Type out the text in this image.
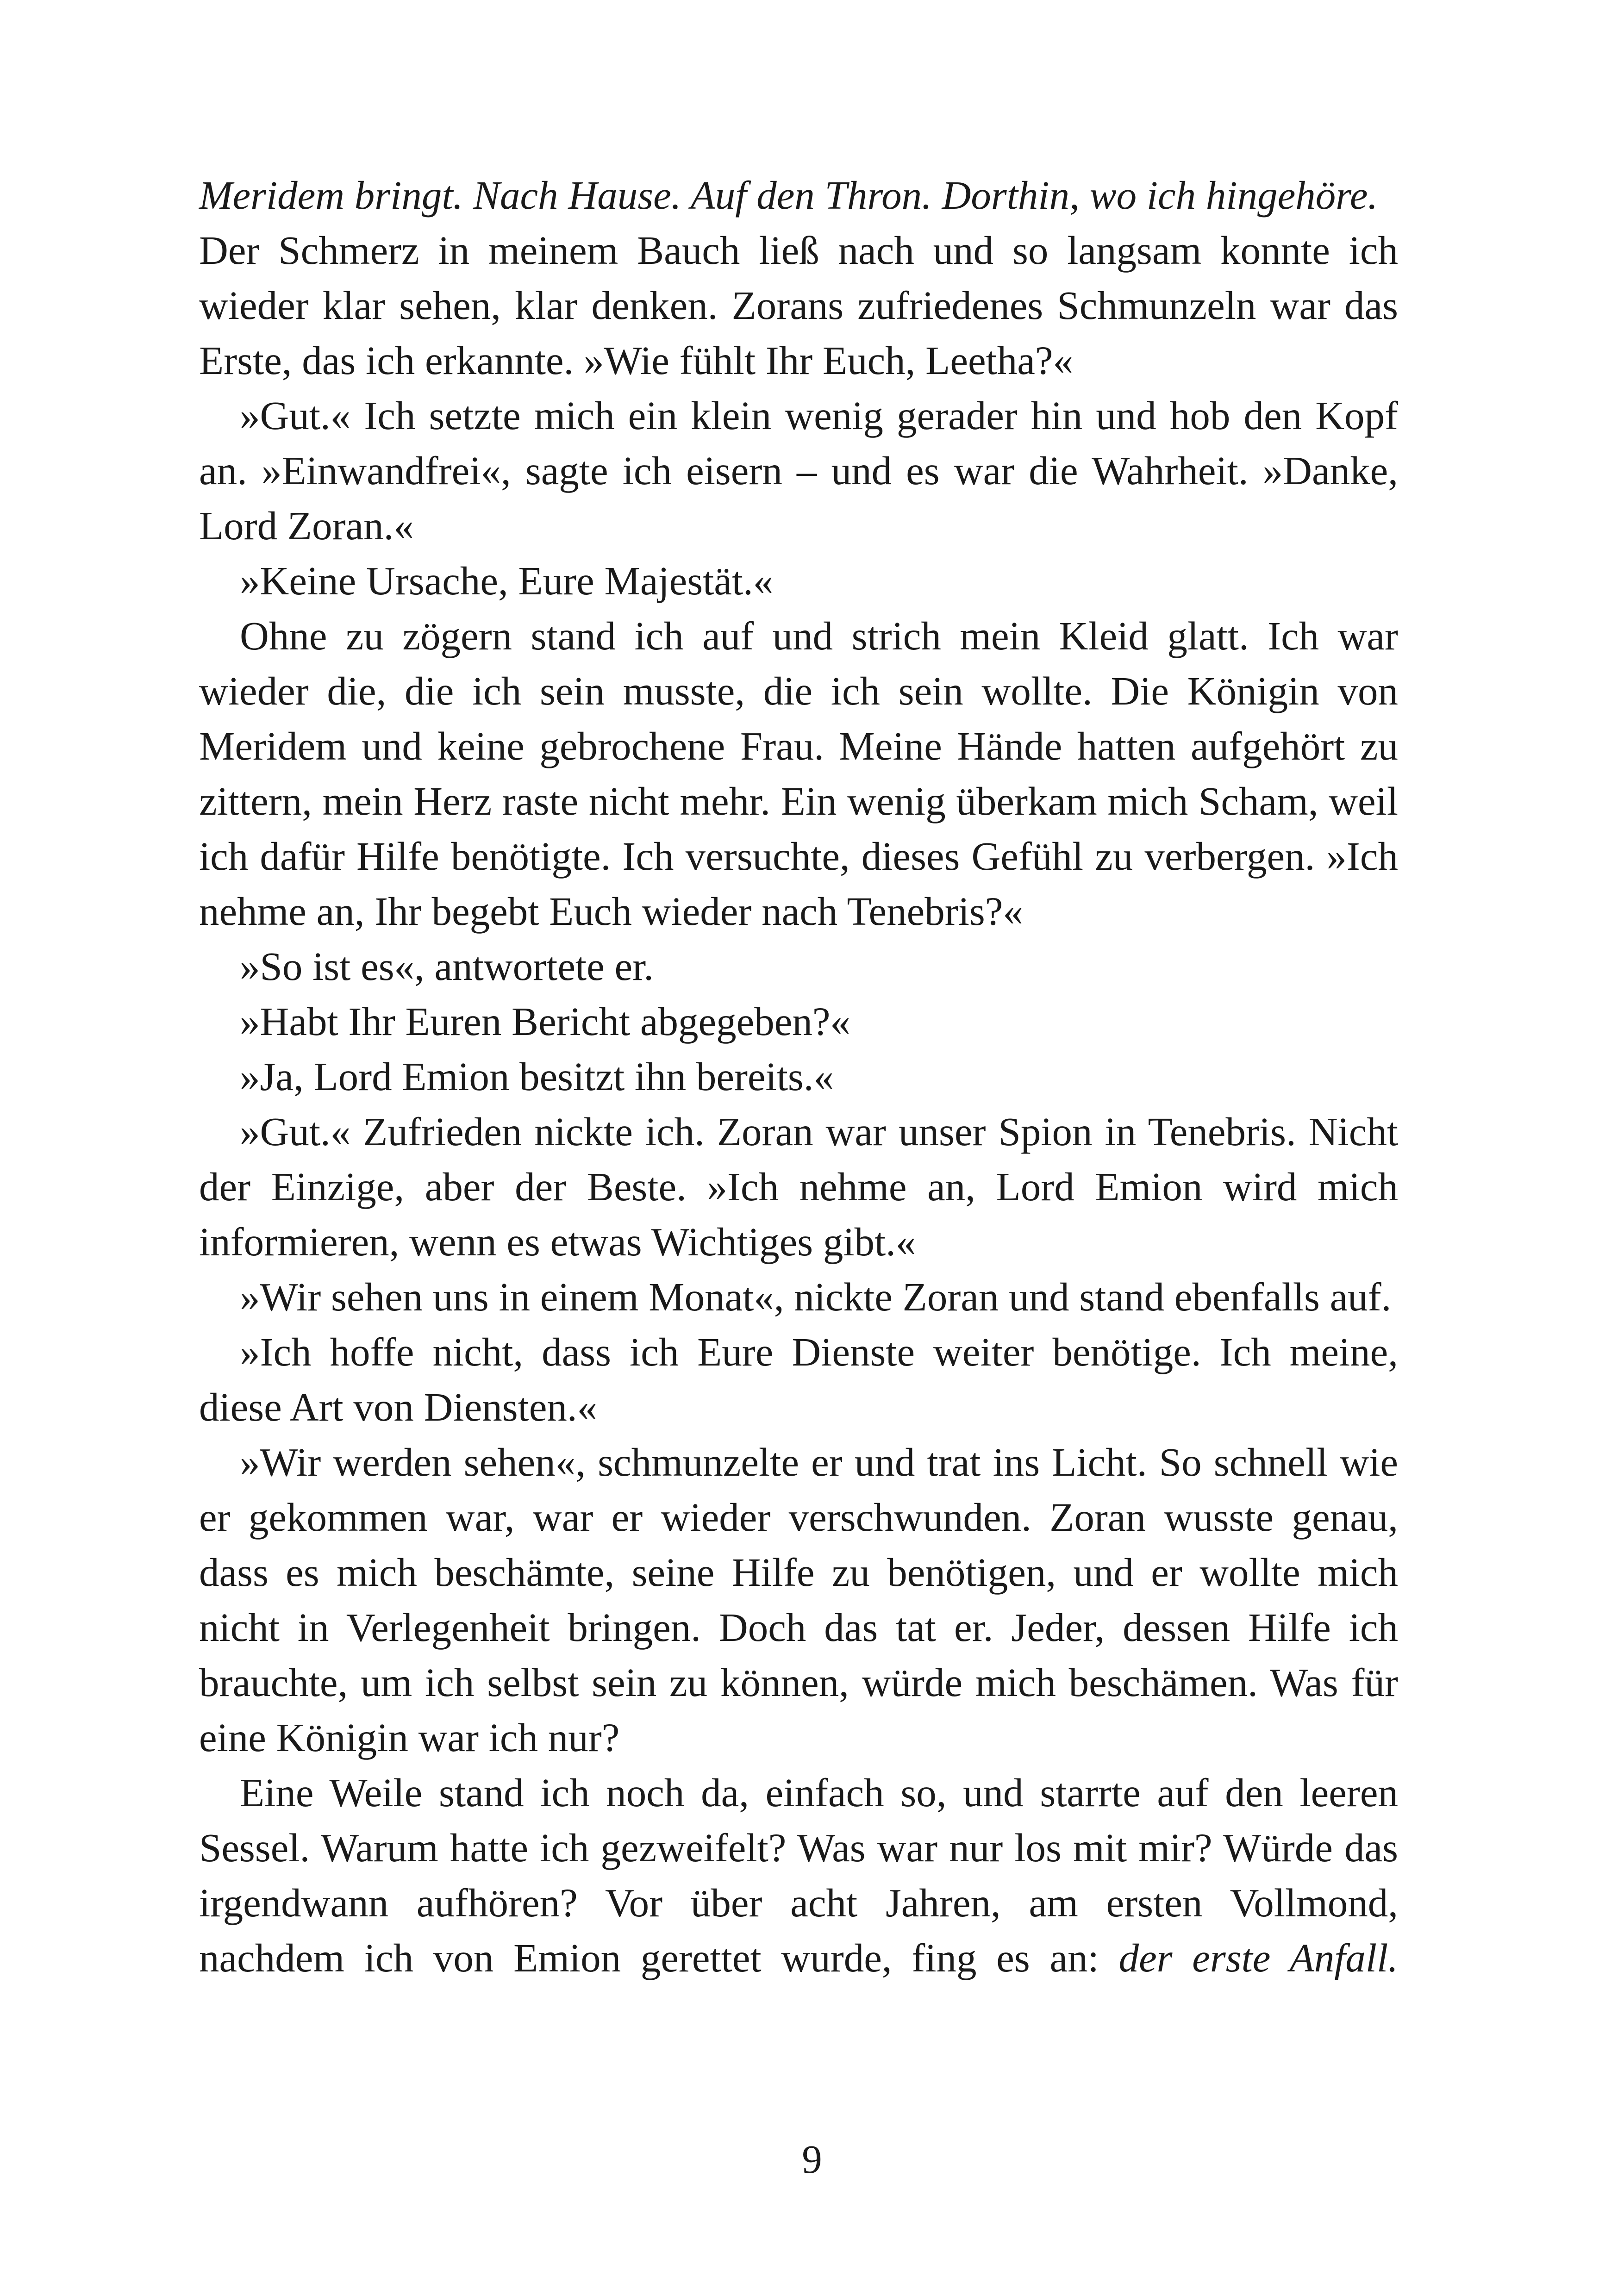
Meridem bringt. Nach Hause. Auf den Thron. Dorthin, wo ich hingehöre.

Der Schmerz in meinem Bauch ließ nach und so langsam konnte ich wieder klar sehen, klar denken. Zorans zufriedenes Schmunzeln war das Erste, das ich erkannte. »Wie fühlt Ihr Euch, Leetha?«

»Gut.« Ich setzte mich ein klein wenig gerader hin und hob den Kopf an. »Einwandfrei«, sagte ich eisern – und es war die Wahrheit. »Danke, Lord Zoran.«

»Keine Ursache, Eure Majestät.«

Ohne zu zögern stand ich auf und strich mein Kleid glatt. Ich war wieder die, die ich sein musste, die ich sein wollte. Die Königin von Meridem und keine gebrochene Frau. Meine Hände hatten aufgehört zu zittern, mein Herz raste nicht mehr. Ein wenig überkam mich Scham, weil ich dafür Hilfe benötigte. Ich versuchte, dieses Gefühl zu verbergen. »Ich nehme an, Ihr begebt Euch wieder nach Tenebris?«

»So ist es«, antwortete er.

»Habt Ihr Euren Bericht abgegeben?«

»Ja, Lord Emion besitzt ihn bereits.«

»Gut.« Zufrieden nickte ich. Zoran war unser Spion in Tenebris. Nicht der Einzige, aber der Beste. »Ich nehme an, Lord Emion wird mich informieren, wenn es etwas Wichtiges gibt.«

»Wir sehen uns in einem Monat«, nickte Zoran und stand ebenfalls auf.

»Ich hoffe nicht, dass ich Eure Dienste weiter benötige. Ich meine, diese Art von Diensten.«

»Wir werden sehen«, schmunzelte er und trat ins Licht. So schnell wie er gekommen war, war er wieder verschwunden. Zoran wusste genau, dass es mich beschämte, seine Hilfe zu benötigen, und er wollte mich nicht in Verlegenheit bringen. Doch das tat er. Jeder, dessen Hilfe ich brauchte, um ich selbst sein zu können, würde mich beschämen. Was für eine Königin war ich nur?

Eine Weile stand ich noch da, einfach so, und starrte auf den leeren Sessel. Warum hatte ich gezweifelt? Was war nur los mit mir? Würde das irgendwann aufhören? Vor über acht Jahren, am ersten Vollmond, nachdem ich von Emion gerettet wurde, fing es an: der erste Anfall.

9
